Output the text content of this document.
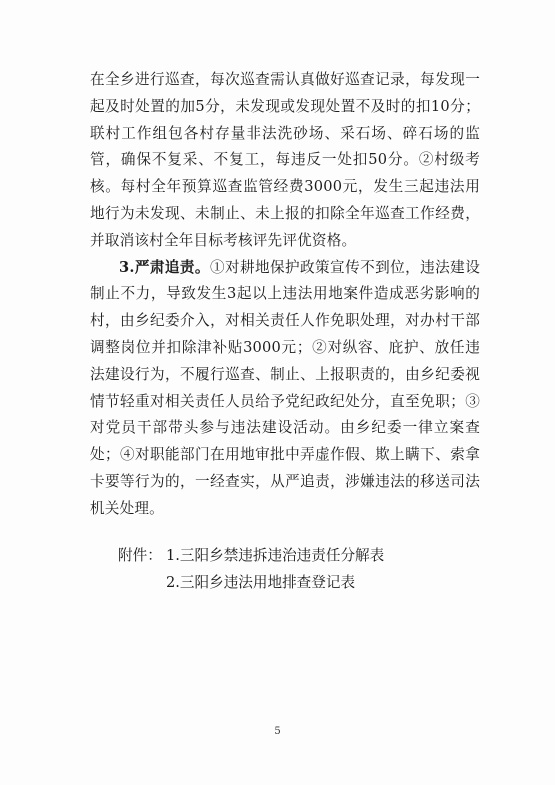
在全乡进行巡查，每次巡查需认真做好巡查记录，每发现一起及时处置的加5分，未发现或发现处置不及时的扣10分；联村工作组包各村存量非法洗砂场、采石场、碎石场的监管，确保不复采、不复工，每违反一处扣50分。②村级考核。每村全年预算巡查监管经费3000元，发生三起违法用地行为未发现、未制止、未上报的扣除全年巡查工作经费，并取消该村全年目标考核评先评优资格。

3.严肃追责。①对耕地保护政策宣传不到位，违法建设制止不力，导致发生3起以上违法用地案件造成恶劣影响的村，由乡纪委介入，对相关责任人作免职处理，对办村干部调整岗位并扣除津补贴3000元；②对纵容、庇护、放任违法建设行为，不履行巡查、制止、上报职责的，由乡纪委视情节轻重对相关责任人员给予党纪政纪处分，直至免职；③对党员干部带头参与违法建设活动。由乡纪委一律立案查处；④对职能部门在用地审批中弄虚作假、欺上瞒下、索拿卡要等行为的，一经查实，从严追责，涉嫌违法的移送司法机关处理。

附件： 1.三阳乡禁违拆违治违责任分解表
2.三阳乡违法用地排查登记表
5
